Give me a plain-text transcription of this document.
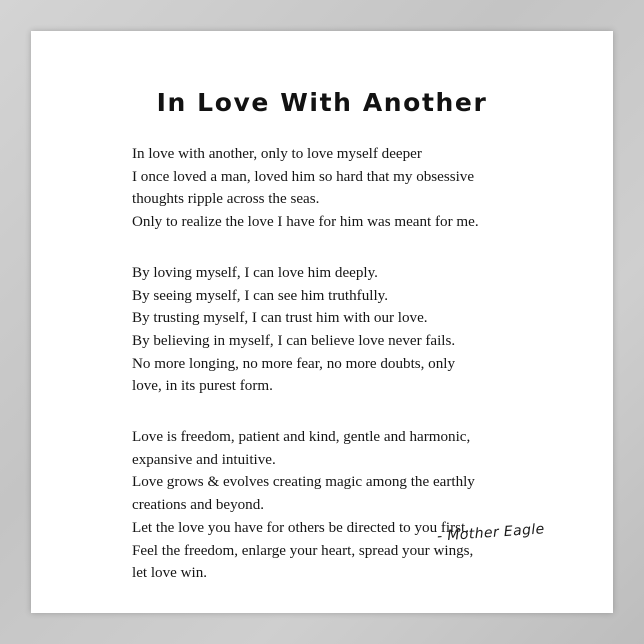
In Love With Another

In love with another, only to love myself deeper
I once loved a man, loved him so hard that my obsessive
thoughts ripple across the seas.
Only to realize the love I have for him was meant for me.

By loving myself, I can love him deeply.
By seeing myself, I can see him truthfully.
By trusting myself, I can trust him with our love.
By believing in myself, I can believe love never fails.
No more longing, no more fear, no more doubts, only
love, in its purest form.

Love is freedom, patient and kind, gentle and harmonic,
expansive and intuitive.
Love grows & evolves creating magic among the earthly
creations and beyond.
Let the love you have for others be directed to you first.
Feel the freedom, enlarge your heart, spread your wings,
let love win.

- Mother Eagle
